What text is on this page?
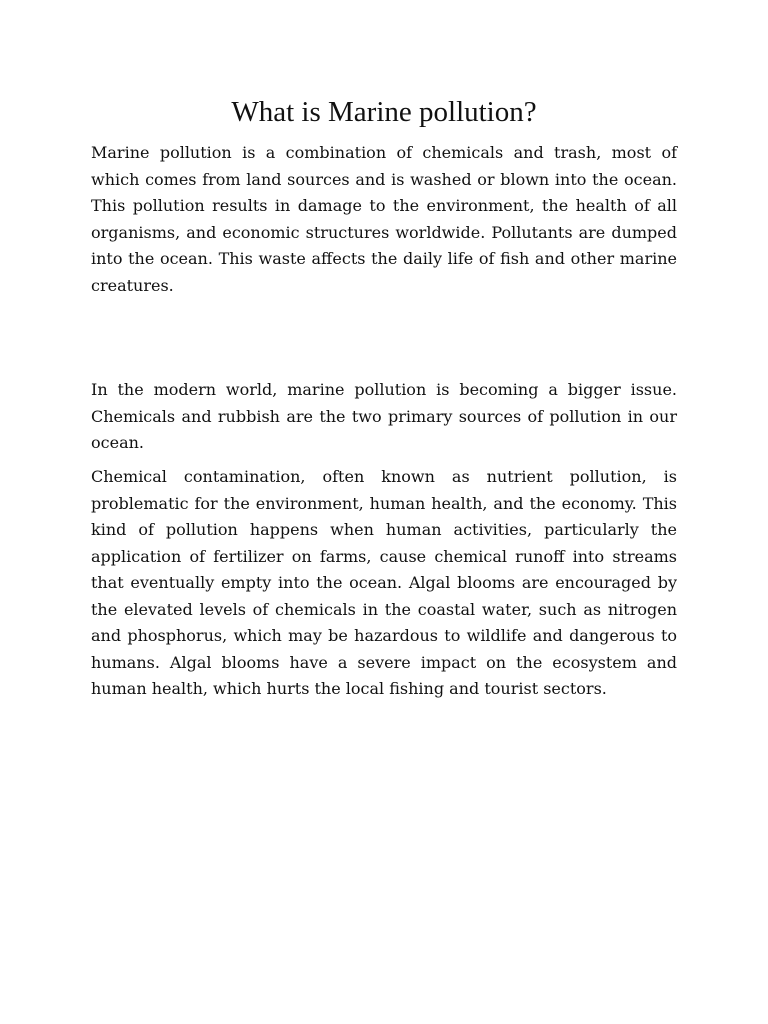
What is Marine pollution?

Marine pollution is a combination of chemicals and trash, most of which comes from land sources and is washed or blown into the ocean. This pollution results in damage to the environment, the health of all organisms, and economic structures worldwide. Pollutants are dumped into the ocean. This waste affects the daily life of fish and other marine creatures.

In the modern world, marine pollution is becoming a bigger issue. Chemicals and rubbish are the two primary sources of pollution in our ocean.

Chemical contamination, often known as nutrient pollution, is problematic for the environment, human health, and the economy. This kind of pollution happens when human activities, particularly the application of fertilizer on farms, cause chemical runoff into streams that eventually empty into the ocean. Algal blooms are encouraged by the elevated levels of chemicals in the coastal water, such as nitrogen and phosphorus, which may be hazardous to wildlife and dangerous to humans. Algal blooms have a severe impact on the ecosystem and human health, which hurts the local fishing and tourist sectors.
